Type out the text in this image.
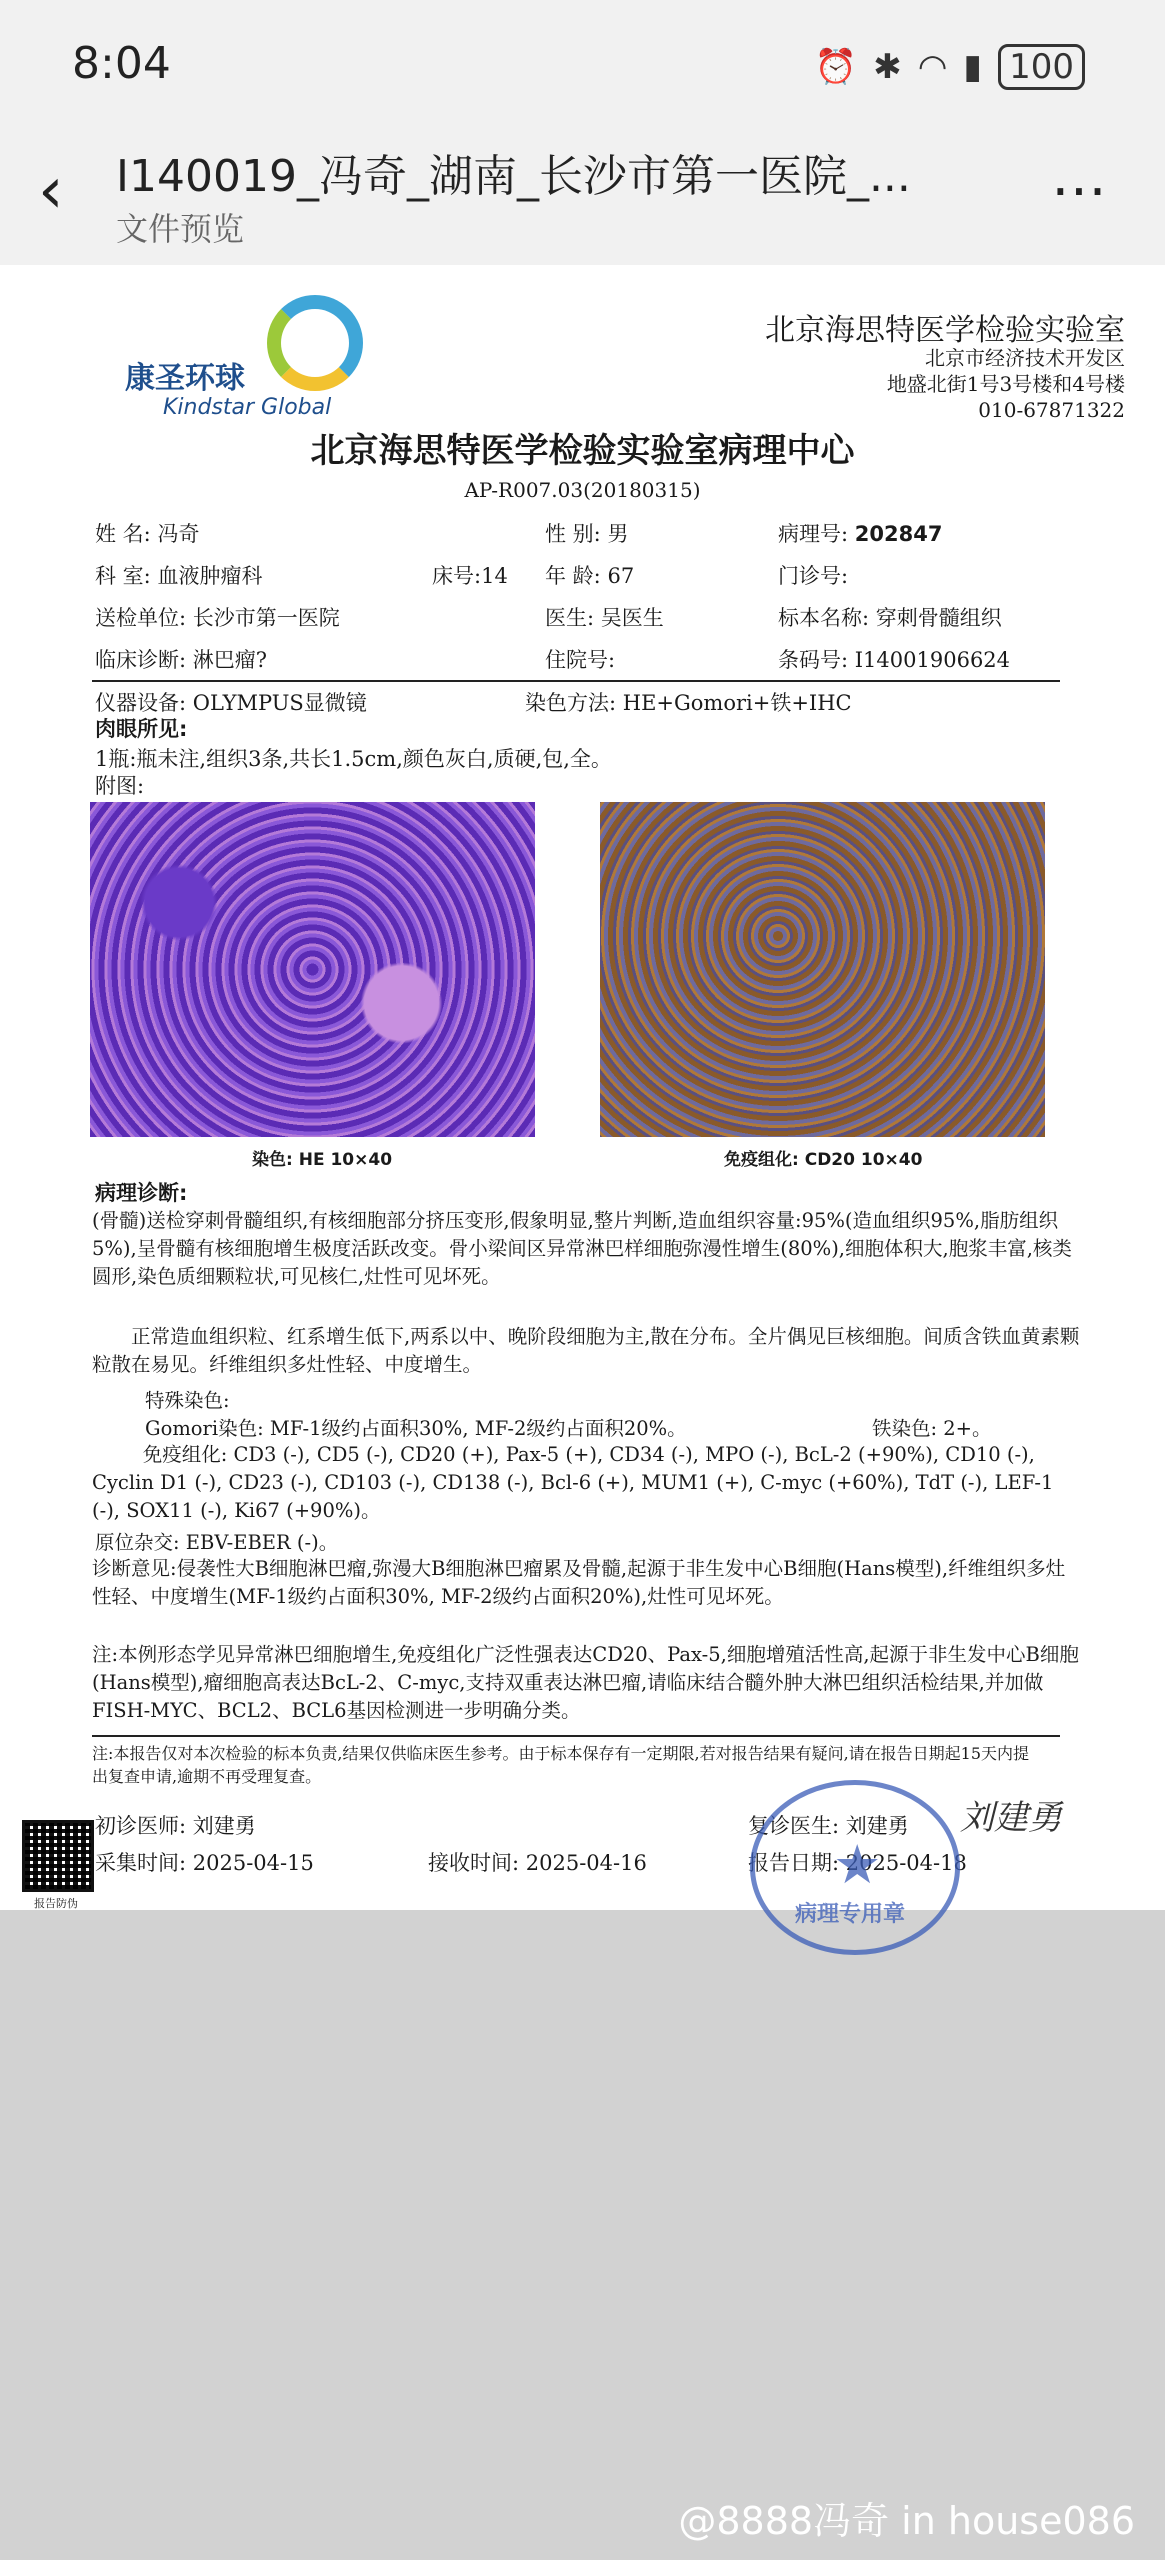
8:04	⏰ ✱ ◠ ▮ 100
‹ I140019_冯奇_湖南_长沙市第一医院_...
文件预览
⋯
康圣环球
Kindstar Global
北京海思特医学检验实验室
北京市经济技术开发区
地盛北街1号3号楼和4号楼
010-67871322
北京海思特医学检验实验室病理中心
AP-R007.03(20180315)
姓 名: 冯奇	性 别: 男	病理号: 202847
科 室: 血液肿瘤科	床号:14 年 龄: 67	门诊号:
送检单位: 长沙市第一医院	医生: 吴医生	标本名称: 穿刺骨髓组织
临床诊断: 淋巴瘤?	住院号:	条码号: I14001906624
仪器设备: OLYMPUS显微镜	染色方法: HE+Gomori+铁+IHC
肉眼所见:
1瓶:瓶未注,组织3条,共长1.5cm,颜色灰白,质硬,包,全。
附图:
染色: HE 10×40	免疫组化: CD20 10×40
病理诊断:
(骨髓)送检穿刺骨髓组织,有核细胞部分挤压变形,假象明显,整片判断,造血组织容量:95%(造血组织95%,脂肪组织5%),呈骨髓有核细胞增生极度活跃改变。骨小梁间区异常淋巴样细胞弥漫性增生(80%),细胞体积大,胞浆丰富,核类圆形,染色质细颗粒状,可见核仁,灶性可见坏死。
正常造血组织粒、红系增生低下,两系以中、晚阶段细胞为主,散在分布。全片偶见巨核细胞。间质含铁血黄素颗粒散在易见。纤维组织多灶性轻、中度增生。
特殊染色:
Gomori染色: MF-1级约占面积30%, MF-2级约占面积20%。	铁染色: 2+。
免疫组化: CD3 (-), CD5 (-), CD20 (+), Pax-5 (+), CD34 (-), MPO (-), BcL-2 (+90%), CD10 (-), Cyclin D1 (-), CD23 (-), CD103 (-), CD138 (-), Bcl-6 (+), MUM1 (+), C-myc (+60%), TdT (-), LEF-1 (-), SOX11 (-), Ki67 (+90%)。
原位杂交: EBV-EBER (-)。
诊断意见:侵袭性大B细胞淋巴瘤,弥漫大B细胞淋巴瘤累及骨髓,起源于非生发中心B细胞(Hans模型),纤维组织多灶性轻、中度增生(MF-1级约占面积30%, MF-2级约占面积20%),灶性可见坏死。
注:本例形态学见异常淋巴细胞增生,免疫组化广泛性强表达CD20、Pax-5,细胞增殖活性高,起源于非生发中心B细胞(Hans模型),瘤细胞高表达BcL-2、C-myc,支持双重表达淋巴瘤,请临床结合髓外肿大淋巴组织活检结果,并加做FISH-MYC、BCL2、BCL6基因检测进一步明确分类。
注:本报告仅对本次检验的标本负责,结果仅供临床医生参考。由于标本保存有一定期限,若对报告结果有疑问,请在报告日期起15天内提出复查申请,逾期不再受理复查。
初诊医师: 刘建勇	复诊医生: 刘建勇
采集时间: 2025-04-15	接收时间: 2025-04-16	报告日期: 2025-04-18
★
病理专用章
刘建勇
报告防伪
@8888冯奇 in house086
